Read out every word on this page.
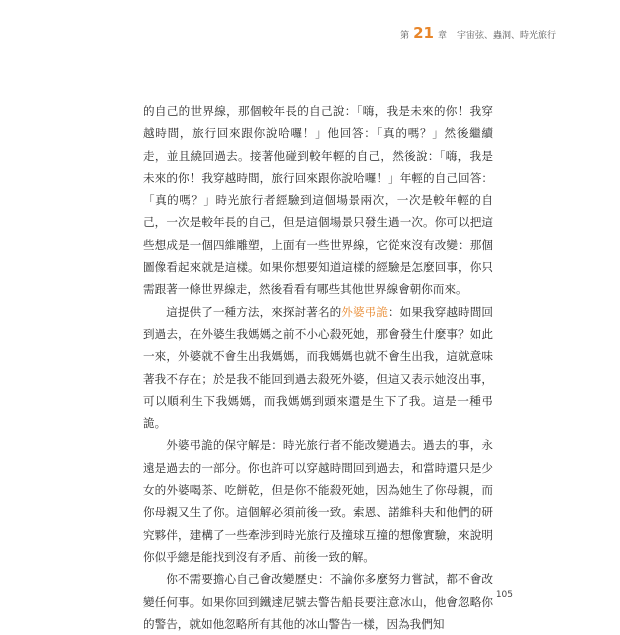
第 21 章 宇宙弦、蟲洞、時光旅行

的自己的世界線，那個較年長的自己說：「嗨，我是未來的你！我穿越時間，旅行回來跟你說哈囉！」他回答：「真的嗎？」然後繼續走，並且繞回過去。接著他碰到較年輕的自己，然後說：「嗨，我是未來的你！我穿越時間，旅行回來跟你說哈囉！」年輕的自己回答：「真的嗎？」時光旅行者經驗到這個場景兩次，一次是較年輕的自己，一次是較年長的自己，但是這個場景只發生過一次。你可以把這些想成是一個四維雕塑，上面有一些世界線，它從來沒有改變：那個圖像看起來就是這樣。如果你想要知道這樣的經驗是怎麼回事，你只需跟著一條世界線走，然後看看有哪些其他世界線會朝你而來。

這提供了一種方法，來探討著名的外婆弔詭：如果我穿越時間回到過去，在外婆生我媽媽之前不小心殺死她，那會發生什麼事？如此一來，外婆就不會生出我媽媽，而我媽媽也就不會生出我，這就意味著我不存在；於是我不能回到過去殺死外婆，但這又表示她沒出事，可以順利生下我媽媽，而我媽媽到頭來還是生下了我。這是一種弔詭。

外婆弔詭的保守解是：時光旅行者不能改變過去。過去的事，永遠是過去的一部分。你也許可以穿越時間回到過去，和當時還只是少女的外婆喝茶、吃餅乾，但是你不能殺死她，因為她生了你母親，而你母親又生了你。這個解必須前後一致。索恩、諾維科夫和他們的研究夥伴，建構了一些牽涉到時光旅行及撞球互撞的想像實驗，來說明你似乎總是能找到沒有矛盾、前後一致的解。

你不需要擔心自己會改變歷史：不論你多麼努力嘗試，都不會改變任何事。如果你回到鐵達尼號去警告船長要注意冰山，他會忽略你的警告，就如他忽略所有其他的冰山警告一樣，因為我們知

105
